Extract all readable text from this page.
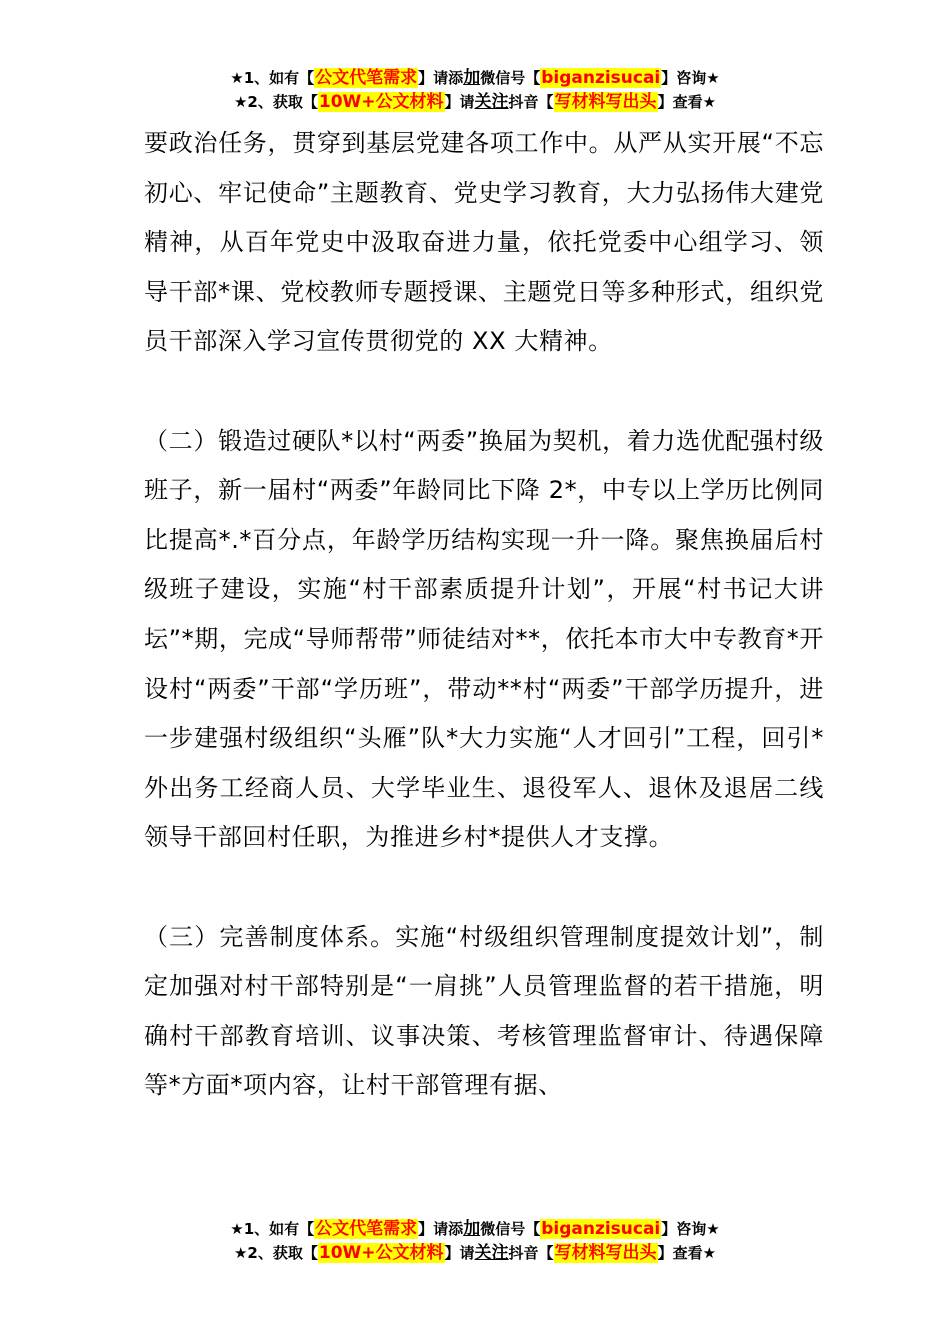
★1、如有【公文代笔需求】请添加微信号【biganzisucai】咨询★
★2、获取【10W+公文材料】请关注抖音【写材料写出头】查看★

要政治任务，贯穿到基层党建各项工作中。从严从实开展“不忘初心、牢记使命”主题教育、党史学习教育，大力弘扬伟大建党精神，从百年党史中汲取奋进力量，依托党委中心组学习、领导干部*课、党校教师专题授课、主题党日等多种形式，组织党员干部深入学习宣传贯彻党的 XX 大精神。

（二）锻造过硬队*以村“两委”换届为契机，着力选优配强村级班子，新一届村“两委”年龄同比下降 2*，中专以上学历比例同比提高*.*百分点，年龄学历结构实现一升一降。聚焦换届后村级班子建设，实施“村干部素质提升计划”，开展“村书记大讲坛”*期，完成“导师帮带”师徒结对**，依托本市大中专教育*开设村“两委”干部“学历班”，带动**村“两委”干部学历提升，进一步建强村级组织“头雁”队*大力实施“人才回引”工程，回引*外出务工经商人员、大学毕业生、退役军人、退休及退居二线领导干部回村任职，为推进乡村*提供人才支撑。

（三）完善制度体系。实施“村级组织管理制度提效计划”，制定加强对村干部特别是“一肩挑”人员管理监督的若干措施，明确村干部教育培训、议事决策、考核管理监督审计、待遇保障等*方面*项内容，让村干部管理有据、

★1、如有【公文代笔需求】请添加微信号【biganzisucai】咨询★
★2、获取【10W+公文材料】请关注抖音【写材料写出头】查看★
